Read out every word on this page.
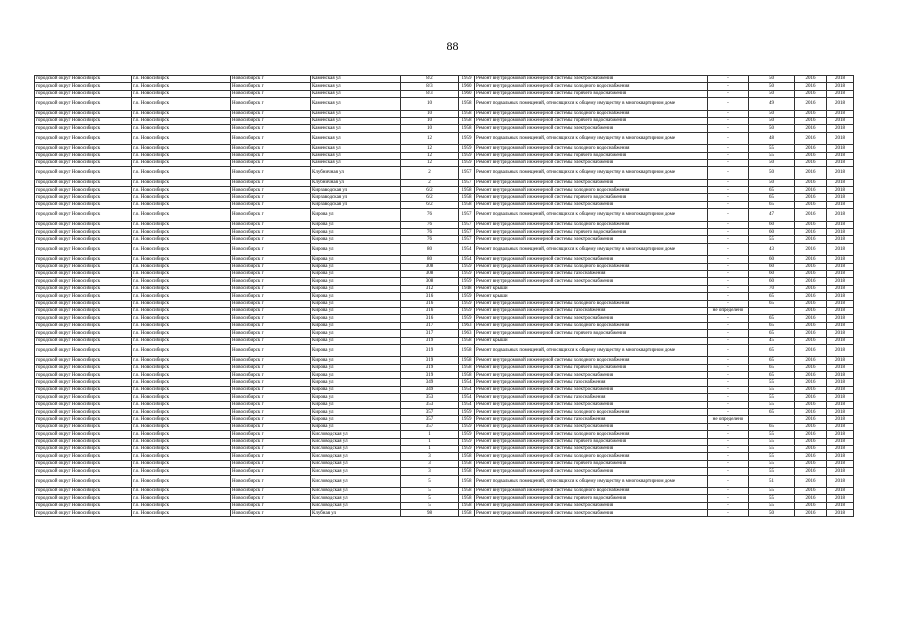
88
городской округ Новосибирск	г.о. Новосибирск	Новосибирск г	Каменская ул	8/2	1959	Ремонт внутридомовой инженерной системы электроснабжения	-	50	2016	2018
городской округ Новосибирск	г.о. Новосибирск	Новосибирск г	Каменская ул	8/3	1960	Ремонт внутридомовой инженерной системы холодного водоснабжения	-	50	2016	2018
городской округ Новосибирск	г.о. Новосибирск	Новосибирск г	Каменская ул	8/3	1960	Ремонт внутридомовой инженерной системы горячего водоснабжения	-	50	2016	2018
городской округ Новосибирск	г.о. Новосибирск	Новосибирск г	Каменская ул	10	1958	Ремонт подвальных помещений, относящихся к общему имуществу в многоквартирном доме	-	49	2016	2018
городской округ Новосибирск	г.о. Новосибирск	Новосибирск г	Каменская ул	10	1958	Ремонт внутридомовой инженерной системы холодного водоснабжения	-	50	2016	2018
городской округ Новосибирск	г.о. Новосибирск	Новосибирск г	Каменская ул	10	1958	Ремонт внутридомовой инженерной системы горячего водоснабжения	-	50	2016	2018
городской округ Новосибирск	г.о. Новосибирск	Новосибирск г	Каменская ул	10	1958	Ремонт внутридомовой инженерной системы электроснабжения	-	50	2016	2018
городской округ Новосибирск	г.о. Новосибирск	Новосибирск г	Каменская ул	12	1959	Ремонт подвальных помещений, относящихся к общему имуществу в многоквартирном доме	-	48	2016	2018
городской округ Новосибирск	г.о. Новосибирск	Новосибирск г	Каменская ул	12	1959	Ремонт внутридомовой инженерной системы холодного водоснабжения	-	55	2016	2018
городской округ Новосибирск	г.о. Новосибирск	Новосибирск г	Каменская ул	12	1959	Ремонт внутридомовой инженерной системы горячего водоснабжения	-	55	2016	2018
городской округ Новосибирск	г.о. Новосибирск	Новосибирск г	Каменская ул	12	1959	Ремонт внутридомовой инженерной системы электроснабжения	-	50	2016	2018
городской округ Новосибирск	г.о. Новосибирск	Новосибирск г	Клубничная ул	2	1957	Ремонт подвальных помещений, относящихся к общему имуществу в многоквартирном доме	-	50	2016	2018
городской округ Новосибирск	г.о. Новосибирск	Новосибирск г	Клубничная ул	2	1957	Ремонт внутридомовой инженерной системы электроснабжения	-	50	2016	2018
городской округ Новосибирск	г.о. Новосибирск	Новосибирск г	Кирзаводская ул	6/2	1958	Ремонт внутридомовой инженерной системы холодного водоснабжения	-	65	2016	2018
городской округ Новосибирск	г.о. Новосибирск	Новосибирск г	Кирзаводская ул	6/2	1958	Ремонт внутридомовой инженерной системы горячего водоснабжения	-	65	2016	2018
городской округ Новосибирск	г.о. Новосибирск	Новосибирск г	Кирзаводская ул	6/2	1958	Ремонт внутридомовой инженерной системы электроснабжения	-	65	2016	2018
городской округ Новосибирск	г.о. Новосибирск	Новосибирск г	Кирова ул	76	1957	Ремонт подвальных помещений, относящихся к общему имуществу в многоквартирном доме	-	47	2016	2018
городской округ Новосибирск	г.о. Новосибирск	Новосибирск г	Кирова ул	76	1957	Ремонт внутридомовой инженерной системы холодного водоснабжения	-	60	2016	2018
городской округ Новосибирск	г.о. Новосибирск	Новосибирск г	Кирова ул	76	1957	Ремонт внутридомовой инженерной системы горячего водоснабжения	-	60	2016	2018
городской округ Новосибирск	г.о. Новосибирск	Новосибирск г	Кирова ул	76	1957	Ремонт внутридомовой инженерной системы электроснабжения	-	55	2016	2018
городской округ Новосибирск	г.о. Новосибирск	Новосибирск г	Кирова ул	80	1954	Ремонт подвальных помещений, относящихся к общему имуществу в многоквартирном доме	-	43	2016	2018
городской округ Новосибирск	г.о. Новосибирск	Новосибирск г	Кирова ул	80	1954	Ремонт внутридомовой инженерной системы электроснабжения	-	60	2016	2018
городской округ Новосибирск	г.о. Новосибирск	Новосибирск г	Кирова ул	308	1959	Ремонт внутридомовой инженерной системы холодного водоснабжения	-	60	2016	2018
городской округ Новосибирск	г.о. Новосибирск	Новосибирск г	Кирова ул	308	1959	Ремонт внутридомовой инженерной системы газоснабжения	-	60	2016	2018
городской округ Новосибирск	г.о. Новосибирск	Новосибирск г	Кирова ул	308	1959	Ремонт внутридомовой инженерной системы электроснабжения	-	60	2016	2018
городской округ Новосибирск	г.о. Новосибирск	Новосибирск г	Кирова ул	312	1948	Ремонт крыши	-	70	2016	2018
городской округ Новосибирск	г.о. Новосибирск	Новосибирск г	Кирова ул	316	1959	Ремонт крыши	-	65	2016	2018
городской округ Новосибирск	г.о. Новосибирск	Новосибирск г	Кирова ул	316	1959	Ремонт внутридомовой инженерной системы холодного водоснабжения	-	65	2016	2018
городской округ Новосибирск	г.о. Новосибирск	Новосибирск г	Кирова ул	316	1959	Ремонт внутридомовой инженерной системы газоснабжения	не определено		2016	2018
городской округ Новосибирск	г.о. Новосибирск	Новосибирск г	Кирова ул	316	1959	Ремонт внутридомовой инженерной системы электроснабжения	-	65	2016	2018
городской округ Новосибирск	г.о. Новосибирск	Новосибирск г	Кирова ул	317	1963	Ремонт внутридомовой инженерной системы холодного водоснабжения	-	65	2016	2018
городской округ Новосибирск	г.о. Новосибирск	Новосибирск г	Кирова ул	317	1963	Ремонт внутридомовой инженерной системы горячего водоснабжения	-	65	2016	2018
городской округ Новосибирск	г.о. Новосибирск	Новосибирск г	Кирова ул	319	1958	Ремонт крыши	-	45	2016	2018
городской округ Новосибирск	г.о. Новосибирск	Новосибирск г	Кирова ул	319	1958	Ремонт подвальных помещений, относящихся к общему имуществу в многоквартирном доме	-	65	2016	2018
городской округ Новосибирск	г.о. Новосибирск	Новосибирск г	Кирова ул	319	1958	Ремонт внутридомовой инженерной системы холодного водоснабжения	-	65	2016	2018
городской округ Новосибирск	г.о. Новосибирск	Новосибирск г	Кирова ул	319	1958	Ремонт внутридомовой инженерной системы горячего водоснабжения	-	65	2016	2018
городской округ Новосибирск	г.о. Новосибирск	Новосибирск г	Кирова ул	319	1958	Ремонт внутридомовой инженерной системы электроснабжения	-	65	2016	2018
городской округ Новосибирск	г.о. Новосибирск	Новосибирск г	Кирова ул	349	1954	Ремонт внутридомовой инженерной системы газоснабжения	-	55	2016	2018
городской округ Новосибирск	г.о. Новосибирск	Новосибирск г	Кирова ул	349	1954	Ремонт внутридомовой инженерной системы электроснабжения	-	55	2016	2018
городской округ Новосибирск	г.о. Новосибирск	Новосибирск г	Кирова ул	353	1954	Ремонт внутридомовой инженерной системы газоснабжения	-	55	2016	2018
городской округ Новосибирск	г.о. Новосибирск	Новосибирск г	Кирова ул	353	1954	Ремонт внутридомовой инженерной системы электроснабжения	-	55	2016	2018
городской округ Новосибирск	г.о. Новосибирск	Новосибирск г	Кирова ул	357	1959	Ремонт внутридомовой инженерной системы холодного водоснабжения	-	65	2016	2018
городской округ Новосибирск	г.о. Новосибирск	Новосибирск г	Кирова ул	357	1959	Ремонт внутридомовой инженерной системы газоснабжения	не определено		2016	2018
городской округ Новосибирск	г.о. Новосибирск	Новосибирск г	Кирова ул	357	1959	Ремонт внутридомовой инженерной системы электроснабжения	-	65	2016	2018
городской округ Новосибирск	г.о. Новосибирск	Новосибирск г	Кисловодская ул	1	1959	Ремонт внутридомовой инженерной системы холодного водоснабжения	-	55	2016	2018
городской округ Новосибирск	г.о. Новосибирск	Новосибирск г	Кисловодская ул	1	1959	Ремонт внутридомовой инженерной системы горячего водоснабжения	-	55	2016	2018
городской округ Новосибирск	г.о. Новосибирск	Новосибирск г	Кисловодская ул	1	1959	Ремонт внутридомовой инженерной системы электроснабжения	-	55	2016	2018
городской округ Новосибирск	г.о. Новосибирск	Новосибирск г	Кисловодская ул	3	1958	Ремонт внутридомовой инженерной системы холодного водоснабжения	-	55	2016	2018
городской округ Новосибирск	г.о. Новосибирск	Новосибирск г	Кисловодская ул	3	1958	Ремонт внутридомовой инженерной системы горячего водоснабжения	-	55	2016	2018
городской округ Новосибирск	г.о. Новосибирск	Новосибирск г	Кисловодская ул	3	1958	Ремонт внутридомовой инженерной системы электроснабжения	-	55	2016	2018
городской округ Новосибирск	г.о. Новосибирск	Новосибирск г	Кисловодская ул	5	1958	Ремонт подвальных помещений, относящихся к общему имуществу в многоквартирном доме	-	51	2016	2018
городской округ Новосибирск	г.о. Новосибирск	Новосибирск г	Кисловодская ул	5	1958	Ремонт внутридомовой инженерной системы холодного водоснабжения	-	55	2016	2018
городской округ Новосибирск	г.о. Новосибирск	Новосибирск г	Кисловодская ул	5	1958	Ремонт внутридомовой инженерной системы горячего водоснабжения	-	55	2016	2018
городской округ Новосибирск	г.о. Новосибирск	Новосибирск г	Кисловодская ул	5	1958	Ремонт внутридомовой инженерной системы электроснабжения	-	55	2016	2018
городской округ Новосибирск	г.о. Новосибирск	Новосибирск г	Клубная ул	98	1958	Ремонт внутридомовой инженерной системы электроснабжения	-	50	2016	2018
